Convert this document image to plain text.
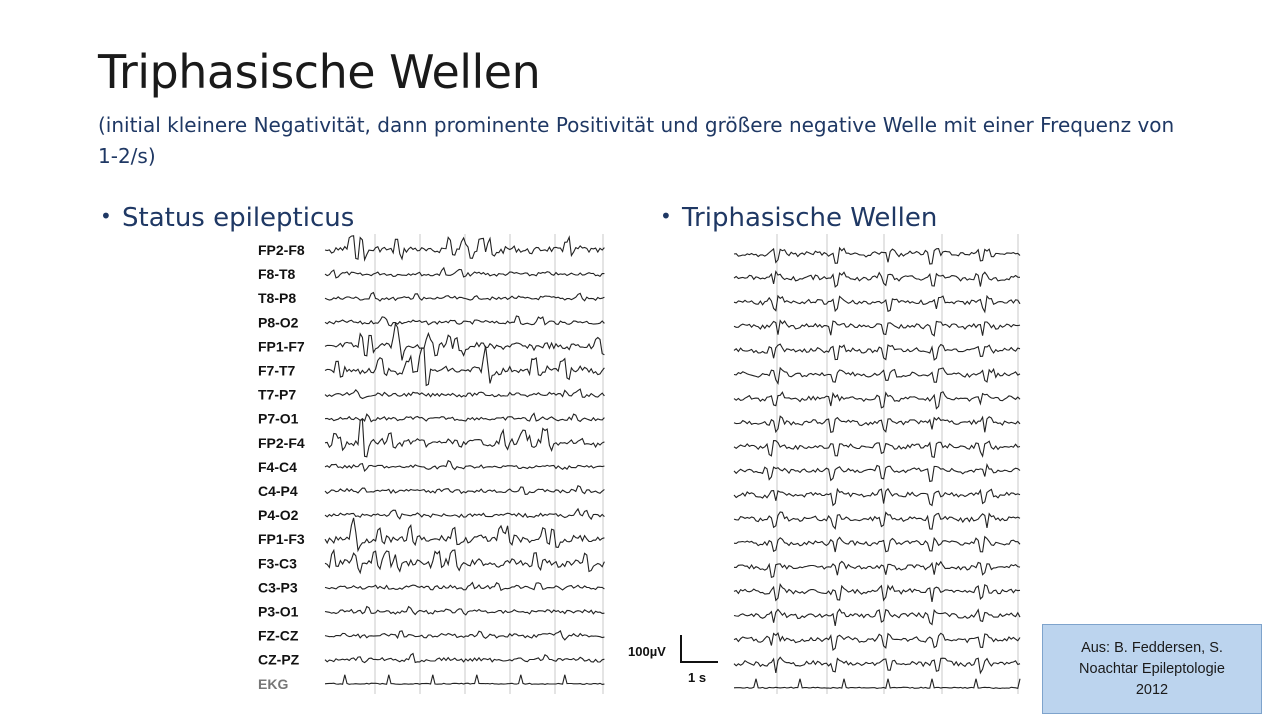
Triphasische Wellen
(initial kleinere Negativität, dann prominente Positivität und größere negative Welle mit einer Frequenz von 1-2/s)
• Status epilepticus	• Triphasische Wellen
FP2-F8
F8-T8
T8-P8
P8-O2
FP1-F7
F7-T7
T7-P7
P7-O1
FP2-F4
F4-C4
C4-P4
P4-O2
FP1-F3
F3-C3
C3-P3
P3-O1
FZ-CZ
CZ-PZ
EKG
100µV
1 s
Aus: B. Feddersen, S.
Noachtar Epileptologie
2012
